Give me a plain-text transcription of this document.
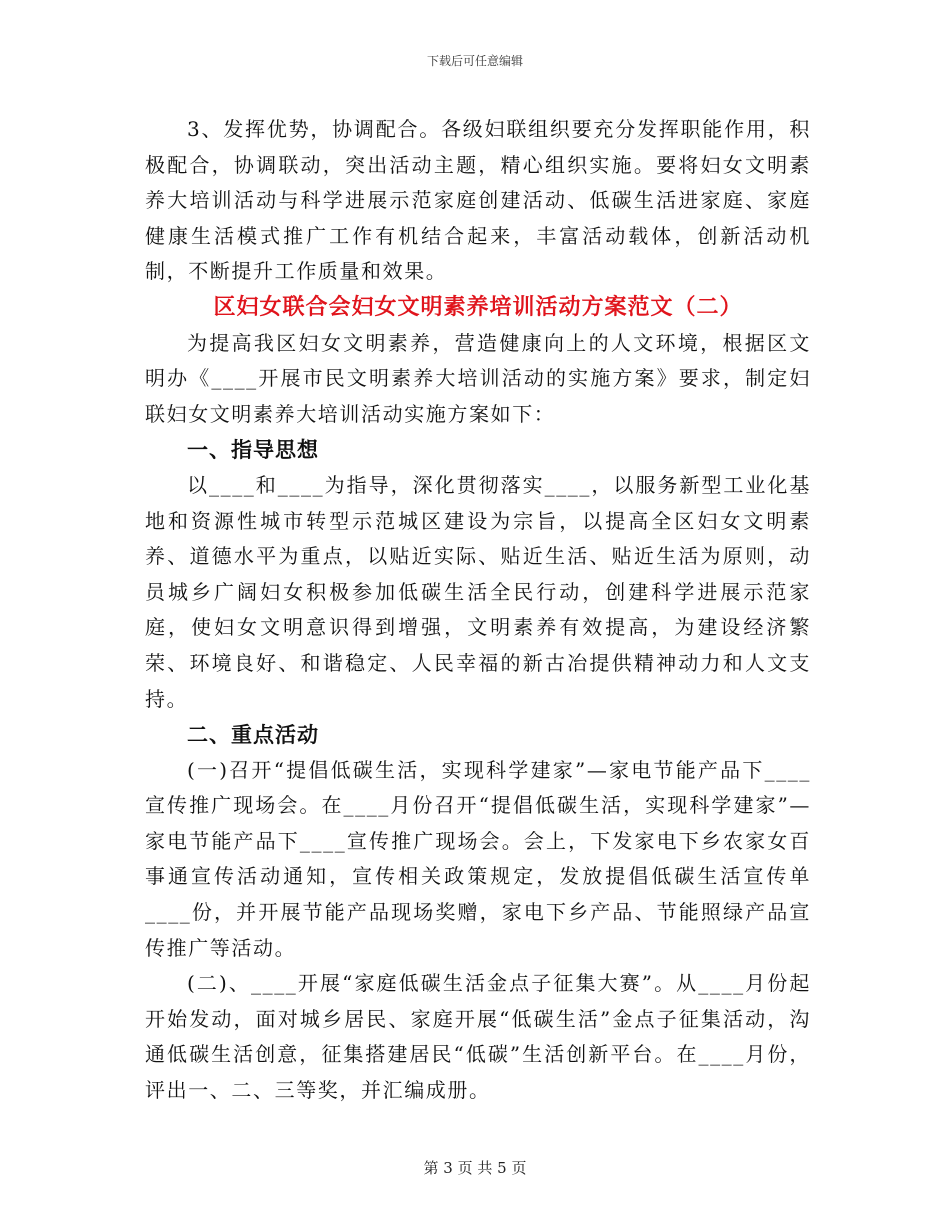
下载后可任意编辑

3、发挥优势，协调配合。各级妇联组织要充分发挥职能作用，积极配合，协调联动，突出活动主题，精心组织实施。要将妇女文明素养大培训活动与科学进展示范家庭创建活动、低碳生活进家庭、家庭健康生活模式推广工作有机结合起来，丰富活动载体，创新活动机制，不断提升工作质量和效果。

区妇女联合会妇女文明素养培训活动方案范文（二）

为提高我区妇女文明素养，营造健康向上的人文环境，根据区文明办《____开展市民文明素养大培训活动的实施方案》要求，制定妇联妇女文明素养大培训活动实施方案如下：

一、指导思想

以____和____为指导，深化贯彻落实____，以服务新型工业化基地和资源性城市转型示范城区建设为宗旨，以提高全区妇女文明素养、道德水平为重点，以贴近实际、贴近生活、贴近生活为原则，动员城乡广阔妇女积极参加低碳生活全民行动，创建科学进展示范家庭，使妇女文明意识得到增强，文明素养有效提高，为建设经济繁荣、环境良好、和谐稳定、人民幸福的新古冶提供精神动力和人文支持。

二、重点活动

(一)召开“提倡低碳生活，实现科学建家”—家电节能产品下____宣传推广现场会。在____月份召开“提倡低碳生活，实现科学建家”—家电节能产品下____宣传推广现场会。会上，下发家电下乡农家女百事通宣传活动通知，宣传相关政策规定，发放提倡低碳生活宣传单____份，并开展节能产品现场奖赠，家电下乡产品、节能照绿产品宣传推广等活动。

(二)、____开展“家庭低碳生活金点子征集大赛”。从____月份起开始发动，面对城乡居民、家庭开展“低碳生活”金点子征集活动，沟通低碳生活创意，征集搭建居民“低碳”生活创新平台。在____月份，评出一、二、三等奖，并汇编成册。

第 3 页 共 5 页
